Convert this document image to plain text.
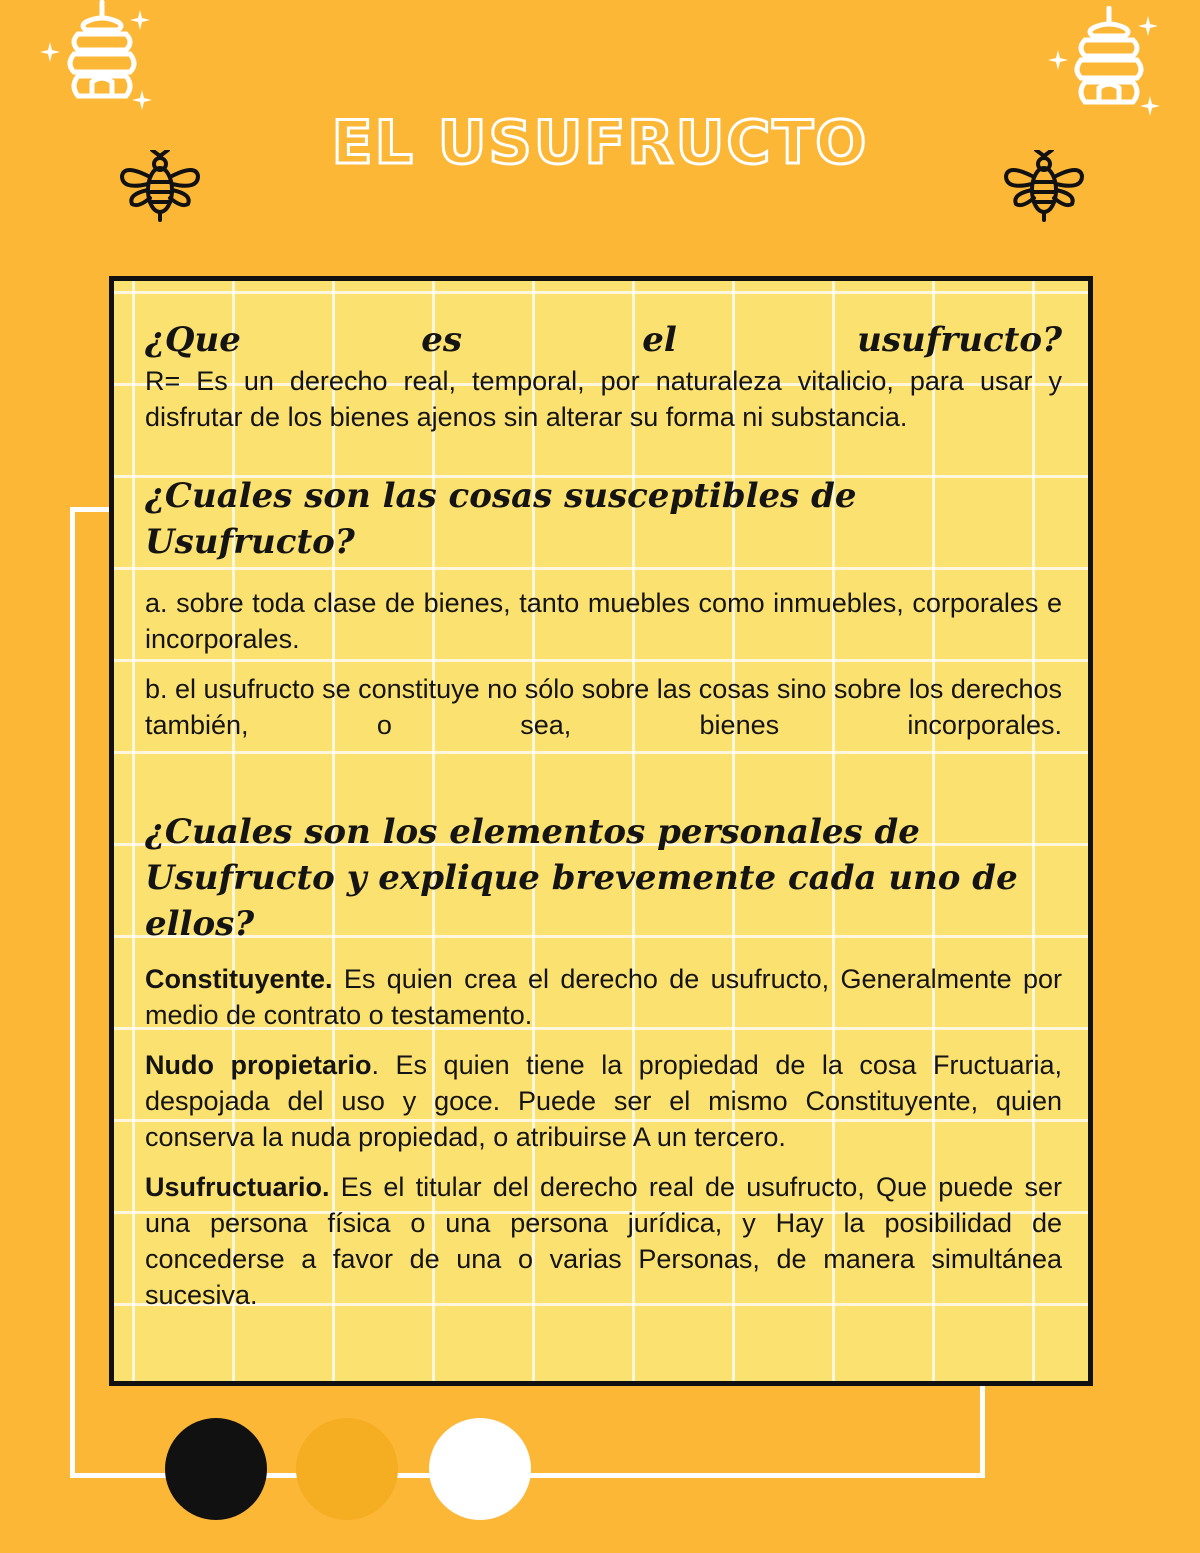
EL USUFRUCTO
¿Que es el usufructo?

R= Es un derecho real, temporal, por naturaleza vitalicio, para usar y disfrutar de los bienes ajenos sin alterar su forma ni substancia.

¿Cuales son las cosas susceptibles de Usufructo?

a. sobre toda clase de bienes, tanto muebles como inmuebles, corporales e incorporales.

b. el usufructo se constituye no sólo sobre las cosas sino sobre los derechos también, o sea, bienes incorporales.

¿Cuales son los elementos personales de Usufructo y explique brevemente cada uno de ellos?

Constituyente. Es quien crea el derecho de usufructo, Generalmente por medio de contrato o testamento.

Nudo propietario. Es quien tiene la propiedad de la cosa Fructuaria, despojada del uso y goce. Puede ser el mismo Constituyente, quien conserva la nuda propiedad, o atribuirse A un tercero.

Usufructuario. Es el titular del derecho real de usufructo, Que puede ser una persona física o una persona jurídica, y Hay la posibilidad de concederse a favor de una o varias Personas, de manera simultánea sucesiva.
